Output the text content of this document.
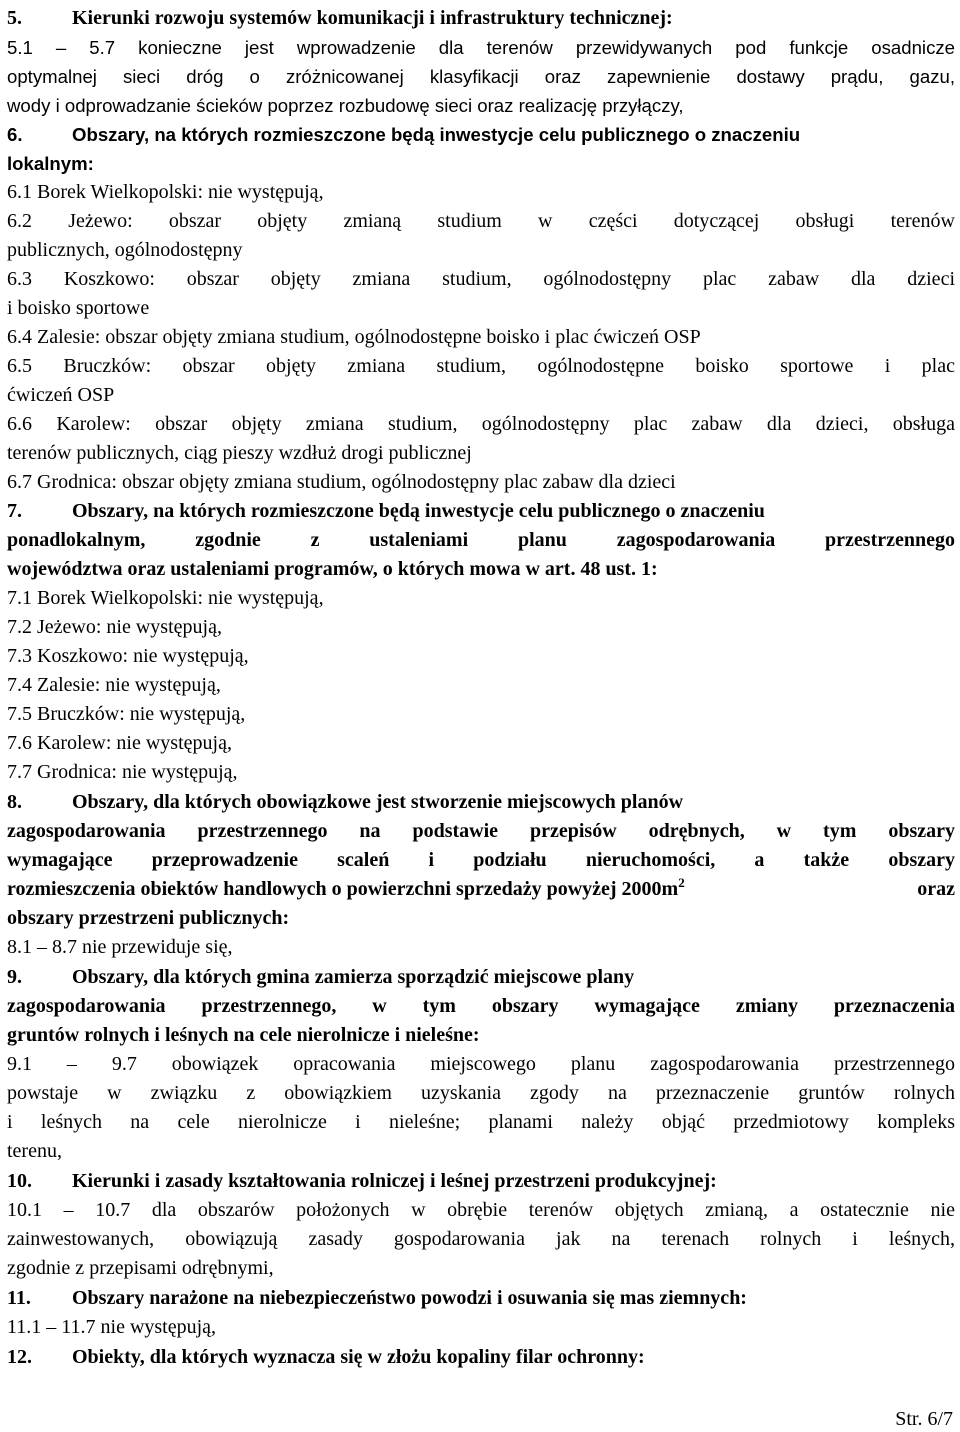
5.	Kierunki rozwoju systemów komunikacji i infrastruktury technicznej:
5.1 – 5.7 konieczne jest wprowadzenie dla terenów przewidywanych pod funkcje osadnicze
optymalnej sieci dróg o zróżnicowanej klasyfikacji oraz zapewnienie dostawy prądu, gazu,
wody i odprowadzanie ścieków poprzez rozbudowę sieci oraz realizację przyłączy,
6.	Obszary, na których rozmieszczone będą inwestycje celu publicznego o znaczeniu
lokalnym:
6.1 Borek Wielkopolski: nie występują,
6.2 Jeżewo: obszar objęty zmianą studium w części dotyczącej obsługi terenów
publicznych, ogólnodostępny
6.3 Koszkowo: obszar objęty zmiana studium, ogólnodostępny plac zabaw dla dzieci
i boisko sportowe
6.4 Zalesie: obszar objęty zmiana studium, ogólnodostępne boisko i plac ćwiczeń OSP
6.5 Bruczków: obszar objęty zmiana studium, ogólnodostępne boisko sportowe i plac
ćwiczeń OSP
6.6 Karolew: obszar objęty zmiana studium, ogólnodostępny plac zabaw dla dzieci, obsługa
terenów publicznych, ciąg pieszy wzdłuż drogi publicznej
6.7 Grodnica: obszar objęty zmiana studium, ogólnodostępny plac zabaw dla dzieci
7.	Obszary, na których rozmieszczone będą inwestycje celu publicznego o znaczeniu
ponadlokalnym, zgodnie z ustaleniami planu zagospodarowania przestrzennego
województwa oraz ustaleniami programów, o których mowa w art. 48 ust. 1:
7.1 Borek Wielkopolski: nie występują,
7.2 Jeżewo: nie występują,
7.3 Koszkowo: nie występują,
7.4 Zalesie: nie występują,
7.5 Bruczków: nie występują,
7.6 Karolew: nie występują,
7.7 Grodnica: nie występują,
8.	Obszary, dla których obowiązkowe jest stworzenie miejscowych planów
zagospodarowania przestrzennego na podstawie przepisów odrębnych, w tym obszary
wymagające przeprowadzenie scaleń i podziału nieruchomości, a także obszary
rozmieszczenia obiektów handlowych o powierzchni sprzedaży powyżej $2000m^2$	oraz
obszary przestrzeni publicznych:
8.1 – 8.7 nie przewiduje się,
9.	Obszary, dla których gmina zamierza sporządzić miejscowe plany
zagospodarowania przestrzennego, w tym obszary wymagające zmiany przeznaczenia
gruntów rolnych i leśnych na cele nierolnicze i nieleśne:
9.1 – 9.7 obowiązek opracowania miejscowego planu zagospodarowania przestrzennego
powstaje w związku z obowiązkiem uzyskania zgody na przeznaczenie gruntów rolnych
i leśnych na cele nierolnicze i nieleśne; planami należy objąć przedmiotowy kompleks
terenu,
10. Kierunki i zasady kształtowania rolniczej i leśnej przestrzeni produkcyjnej:
10.1 – 10.7 dla obszarów położonych w obrębie terenów objętych zmianą, a ostatecznie nie
zainwestowanych, obowiązują zasady gospodarowania jak na terenach rolnych i leśnych,
zgodnie z przepisami odrębnymi,
11. Obszary narażone na niebezpieczeństwo powodzi i osuwania się mas ziemnych:
11.1 – 11.7 nie występują,
12. Obiekty, dla których wyznacza się w złożu kopaliny filar ochronny:
Str. 6/7
